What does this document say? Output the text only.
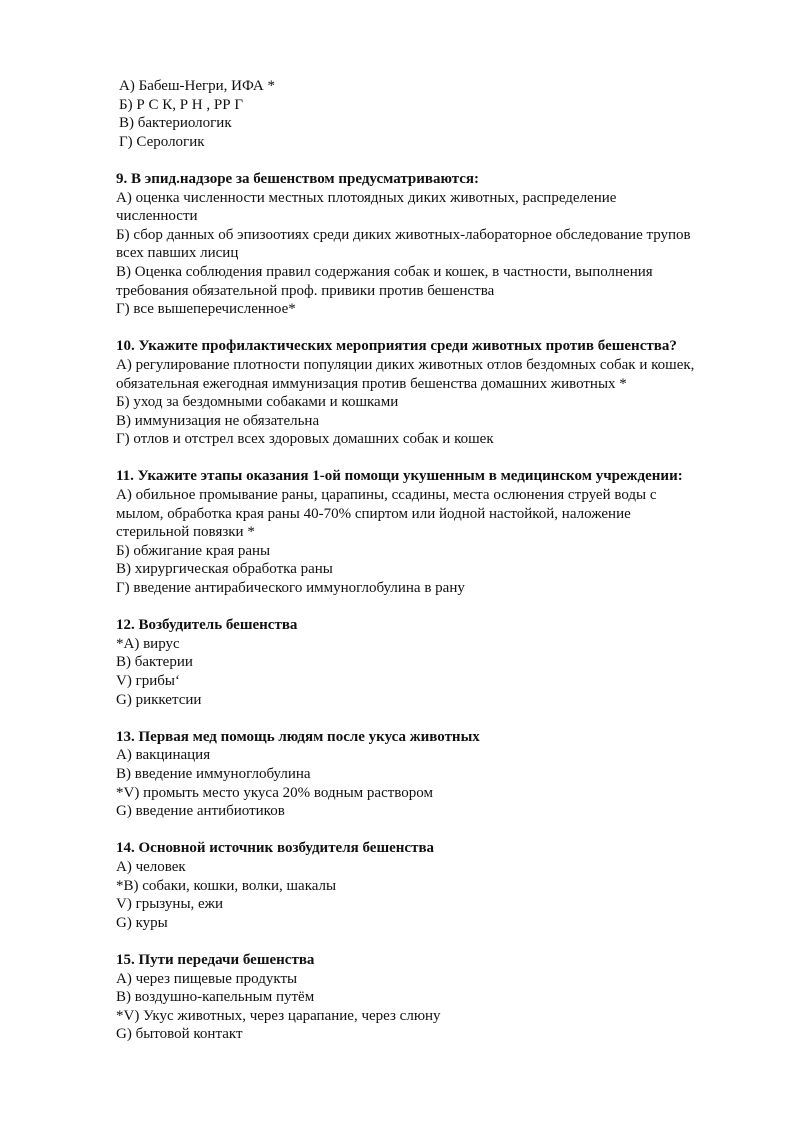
А) Бабеш-Негри, ИФА *
Б) Р С К, Р Н , РР Г
В) бактериологик
Г) Серологик
9. В эпид.надзоре за бешенством предусматриваются:
А) оценка численности местных плотоядных диких животных, распределение
численности
Б) сбор данных об эпизоотиях среди диких животных-лабораторное обследование трупов
всех павших лисиц
В) Оценка соблюдения правил содержания собак и кошек, в частности, выполнения
требования обязательной проф. привики против бешенства
Г) все вышеперечисленное*
10. Укажите профилактических мероприятия среди животных против бешенства?
А) регулирование плотности популяции диких животных отлов бездомных собак и кошек,
обязательная ежегодная иммунизация против бешенства домашних животных *
Б) уход за бездомными собаками и кошками
В) иммунизация не обязательна
Г) отлов и отстрел всех здоровых домашних собак и кошек
11. Укажите этапы оказания 1-ой помощи укушенным в медицинском учреждении:
А) обильное промывание раны, царапины, ссадины, места ослюнения струей воды с
мылом, обработка края раны 40-70% спиртом или йодной настойкой, наложение
стерильной повязки *
Б) обжигание края раны
В) хирургическая обработка раны
Г) введение антирабического иммуноглобулина в рану
12. Возбудитель бешенства
*A) вирус
B) бактерии
V) грибы‘
G) риккетсии
13. Первая мед помощь людям после укуса животных
A) вакцинация
B) введение иммуноглобулина
*V) промыть место укуса 20% водным раствором
G) введение антибиотиков
14. Основной источник возбудителя бешенства
A) человек
*B) собаки, кошки, волки, шакалы
V) грызуны, ежи
G) куры
15. Пути передачи бешенства
A) через пищевые продукты
B) воздушно-капельным путём
*V) Укус животных, через царапание, через слюну
G) бытовой контакт
